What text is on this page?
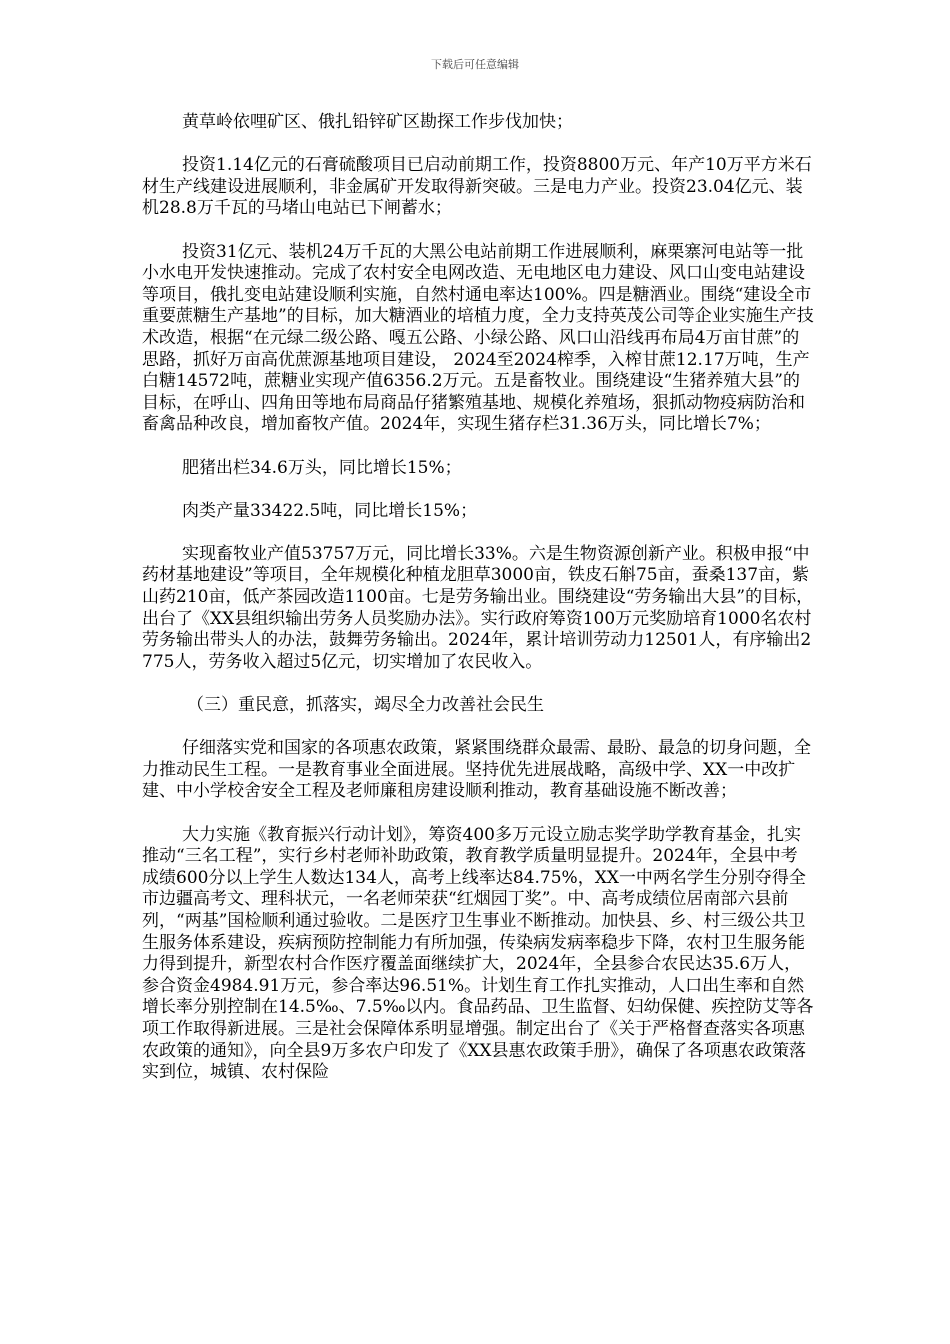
下载后可任意编辑

黄草岭依哩矿区、俄扎铅锌矿区勘探工作步伐加快；

投资1.14亿元的石膏硫酸项目已启动前期工作，投资8800万元、年产10万平方米石材生产线建设进展顺利，非金属矿开发取得新突破。三是电力产业。投资23.04亿元、装机28.8万千瓦的马堵山电站已下闸蓄水；

投资31亿元、装机24万千瓦的大黑公电站前期工作进展顺利，麻栗寨河电站等一批小水电开发快速推动。完成了农村安全电网改造、无电地区电力建设、风口山变电站建设等项目，俄扎变电站建设顺利实施，自然村通电率达100%。四是糖酒业。围绕“建设全市重要蔗糖生产基地”的目标，加大糖酒业的培植力度，全力支持英茂公司等企业实施生产技术改造，根据“在元绿二级公路、嘎五公路、小绿公路、风口山沿线再布局4万亩甘蔗”的思路，抓好万亩高优蔗源基地项目建设， 2024至2024榨季，入榨甘蔗12.17万吨，生产白糖14572吨，蔗糖业实现产值6356.2万元。五是畜牧业。围绕建设“生猪养殖大县”的目标，在呼山、四角田等地布局商品仔猪繁殖基地、规模化养殖场，狠抓动物疫病防治和畜禽品种改良，增加畜牧产值。2024年，实现生猪存栏31.36万头，同比增长7%；

肥猪出栏34.6万头，同比增长15%；

肉类产量33422.5吨，同比增长15%；

实现畜牧业产值53757万元，同比增长33%。六是生物资源创新产业。积极申报“中药材基地建设”等项目，全年规模化种植龙胆草3000亩，铁皮石斛75亩，蚕桑137亩，紫山药210亩，低产茶园改造1100亩。七是劳务输出业。围绕建设“劳务输出大县”的目标，出台了《XX县组织输出劳务人员奖励办法》。实行政府筹资100万元奖励培育1000名农村劳务输出带头人的办法，鼓舞劳务输出。2024年，累计培训劳动力12501人，有序输出2775人，劳务收入超过5亿元，切实增加了农民收入。

（三）重民意，抓落实，竭尽全力改善社会民生

仔细落实党和国家的各项惠农政策，紧紧围绕群众最需、最盼、最急的切身问题，全力推动民生工程。一是教育事业全面进展。坚持优先进展战略，高级中学、XX一中改扩建、中小学校舍安全工程及老师廉租房建设顺利推动，教育基础设施不断改善；

大力实施《教育振兴行动计划》，筹资400多万元设立励志奖学助学教育基金，扎实推动“三名工程”，实行乡村老师补助政策，教育教学质量明显提升。2024年，全县中考成绩600分以上学生人数达134人，高考上线率达84.75%，XX一中两名学生分别夺得全市边疆高考文、理科状元，一名老师荣获“红烟园丁奖”。中、高考成绩位居南部六县前列，“两基”国检顺利通过验收。二是医疗卫生事业不断推动。加快县、乡、村三级公共卫生服务体系建设，疾病预防控制能力有所加强，传染病发病率稳步下降，农村卫生服务能力得到提升，新型农村合作医疗覆盖面继续扩大，2024年，全县参合农民达35.6万人，参合资金4984.91万元，参合率达96.51%。计划生育工作扎实推动，人口出生率和自然增长率分别控制在14.5‰、7.5‰以内。食品药品、卫生监督、妇幼保健、疾控防艾等各项工作取得新进展。三是社会保障体系明显增强。制定出台了《关于严格督查落实各项惠农政策的通知》，向全县9万多农户印发了《XX县惠农政策手册》，确保了各项惠农政策落实到位，城镇、农村保险
